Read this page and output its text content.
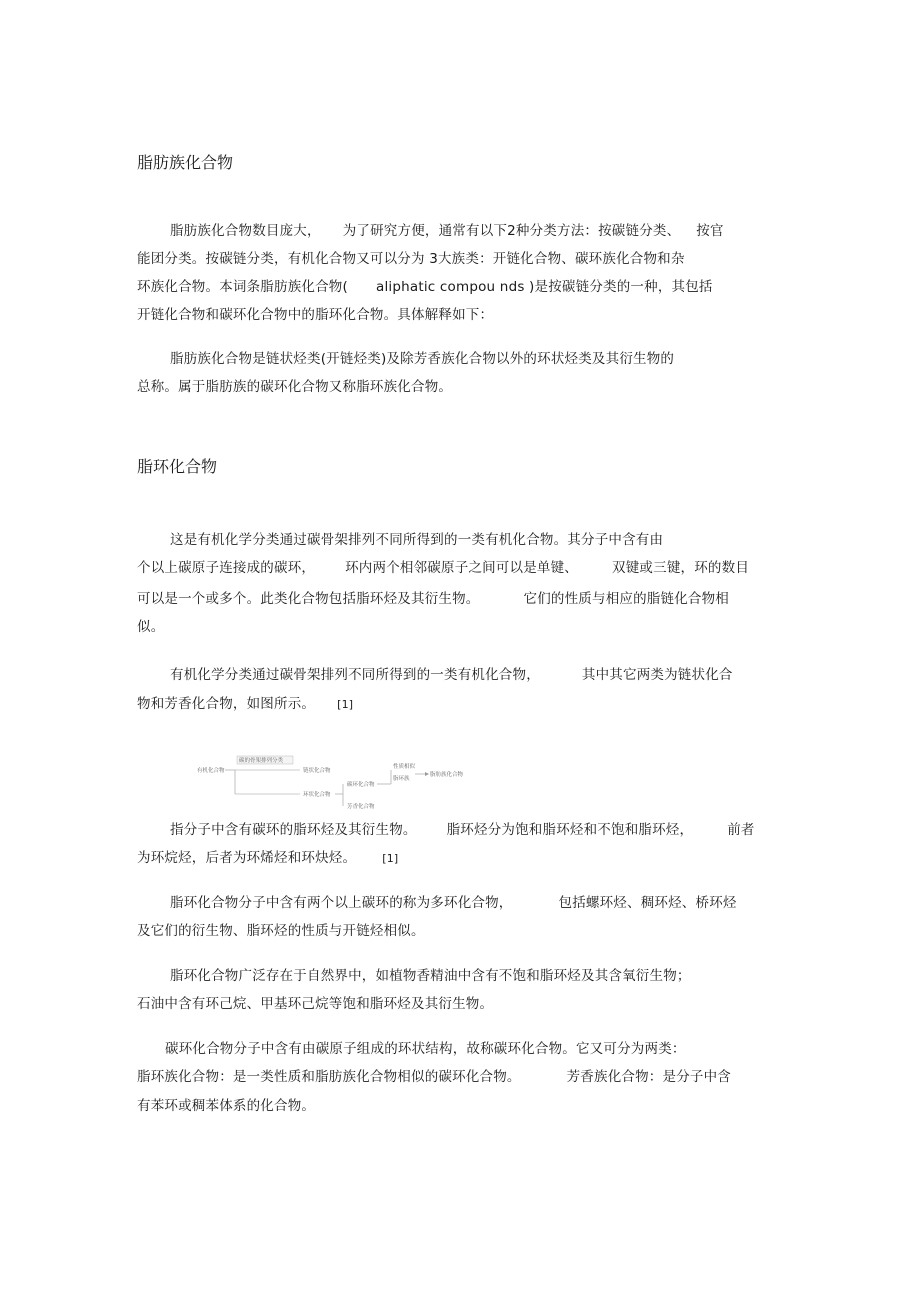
脂肪族化合物
脂肪族化合物数目庞大， 为了研究方便，通常有以下2种分类方法：按碳链分类、 按官
能团分类。按碳链分类，有机化合物又可以分为 3大族类：开链化合物、碳环族化合物和杂
环族化合物。本词条脂肪族化合物( aliphatic compou nds )是按碳链分类的一种，其包括
开链化合物和碳环化合物中的脂环化合物。具体解释如下：
脂肪族化合物是链状烃类(开链烃类)及除芳香族化合物以外的环状烃类及其衍生物的
总称。属于脂肪族的碳环化合物又称脂环族化合物。
脂环化合物
这是有机化学分类通过碳骨架排列不同所得到的一类有机化合物。其分子中含有由
个以上碳原子连接成的碳环， 环内两个相邻碳原子之间可以是单键、	双键或三键，环的数目
可以是一个或多个。此类化合物包括脂环烃及其衍生物。	它们的性质与相应的脂链化合物相
似。
有机化学分类通过碳骨架排列不同所得到的一类有机化合物，	其中其它两类为链状化合
物和芳香化合物，如图所示。 [1]
有机化合物
碳的骨架排列分类
链状化合物
环状化合物
碳环化合物
芳香化合物
性质相似
脂环族
脂肪族化合物
指分子中含有碳环的脂环烃及其衍生物。 脂环烃分为饱和脂环烃和不饱和脂环烃，	前者
为环烷烃，后者为环烯烃和环炔烃。 [1]
脂环化合物分子中含有两个以上碳环的称为多环化合物，	包括螺环烃、稠环烃、桥环烃
及它们的衍生物、脂环烃的性质与开链烃相似。
脂环化合物广泛存在于自然界中，如植物香精油中含有不饱和脂环烃及其含氧衍生物；
石油中含有环己烷、甲基环己烷等饱和脂环烃及其衍生物。
碳环化合物分子中含有由碳原子组成的环状结构，故称碳环化合物。它又可分为两类：
脂环族化合物：是一类性质和脂肪族化合物相似的碳环化合物。	芳香族化合物：是分子中含
有苯环或稠苯体系的化合物。
